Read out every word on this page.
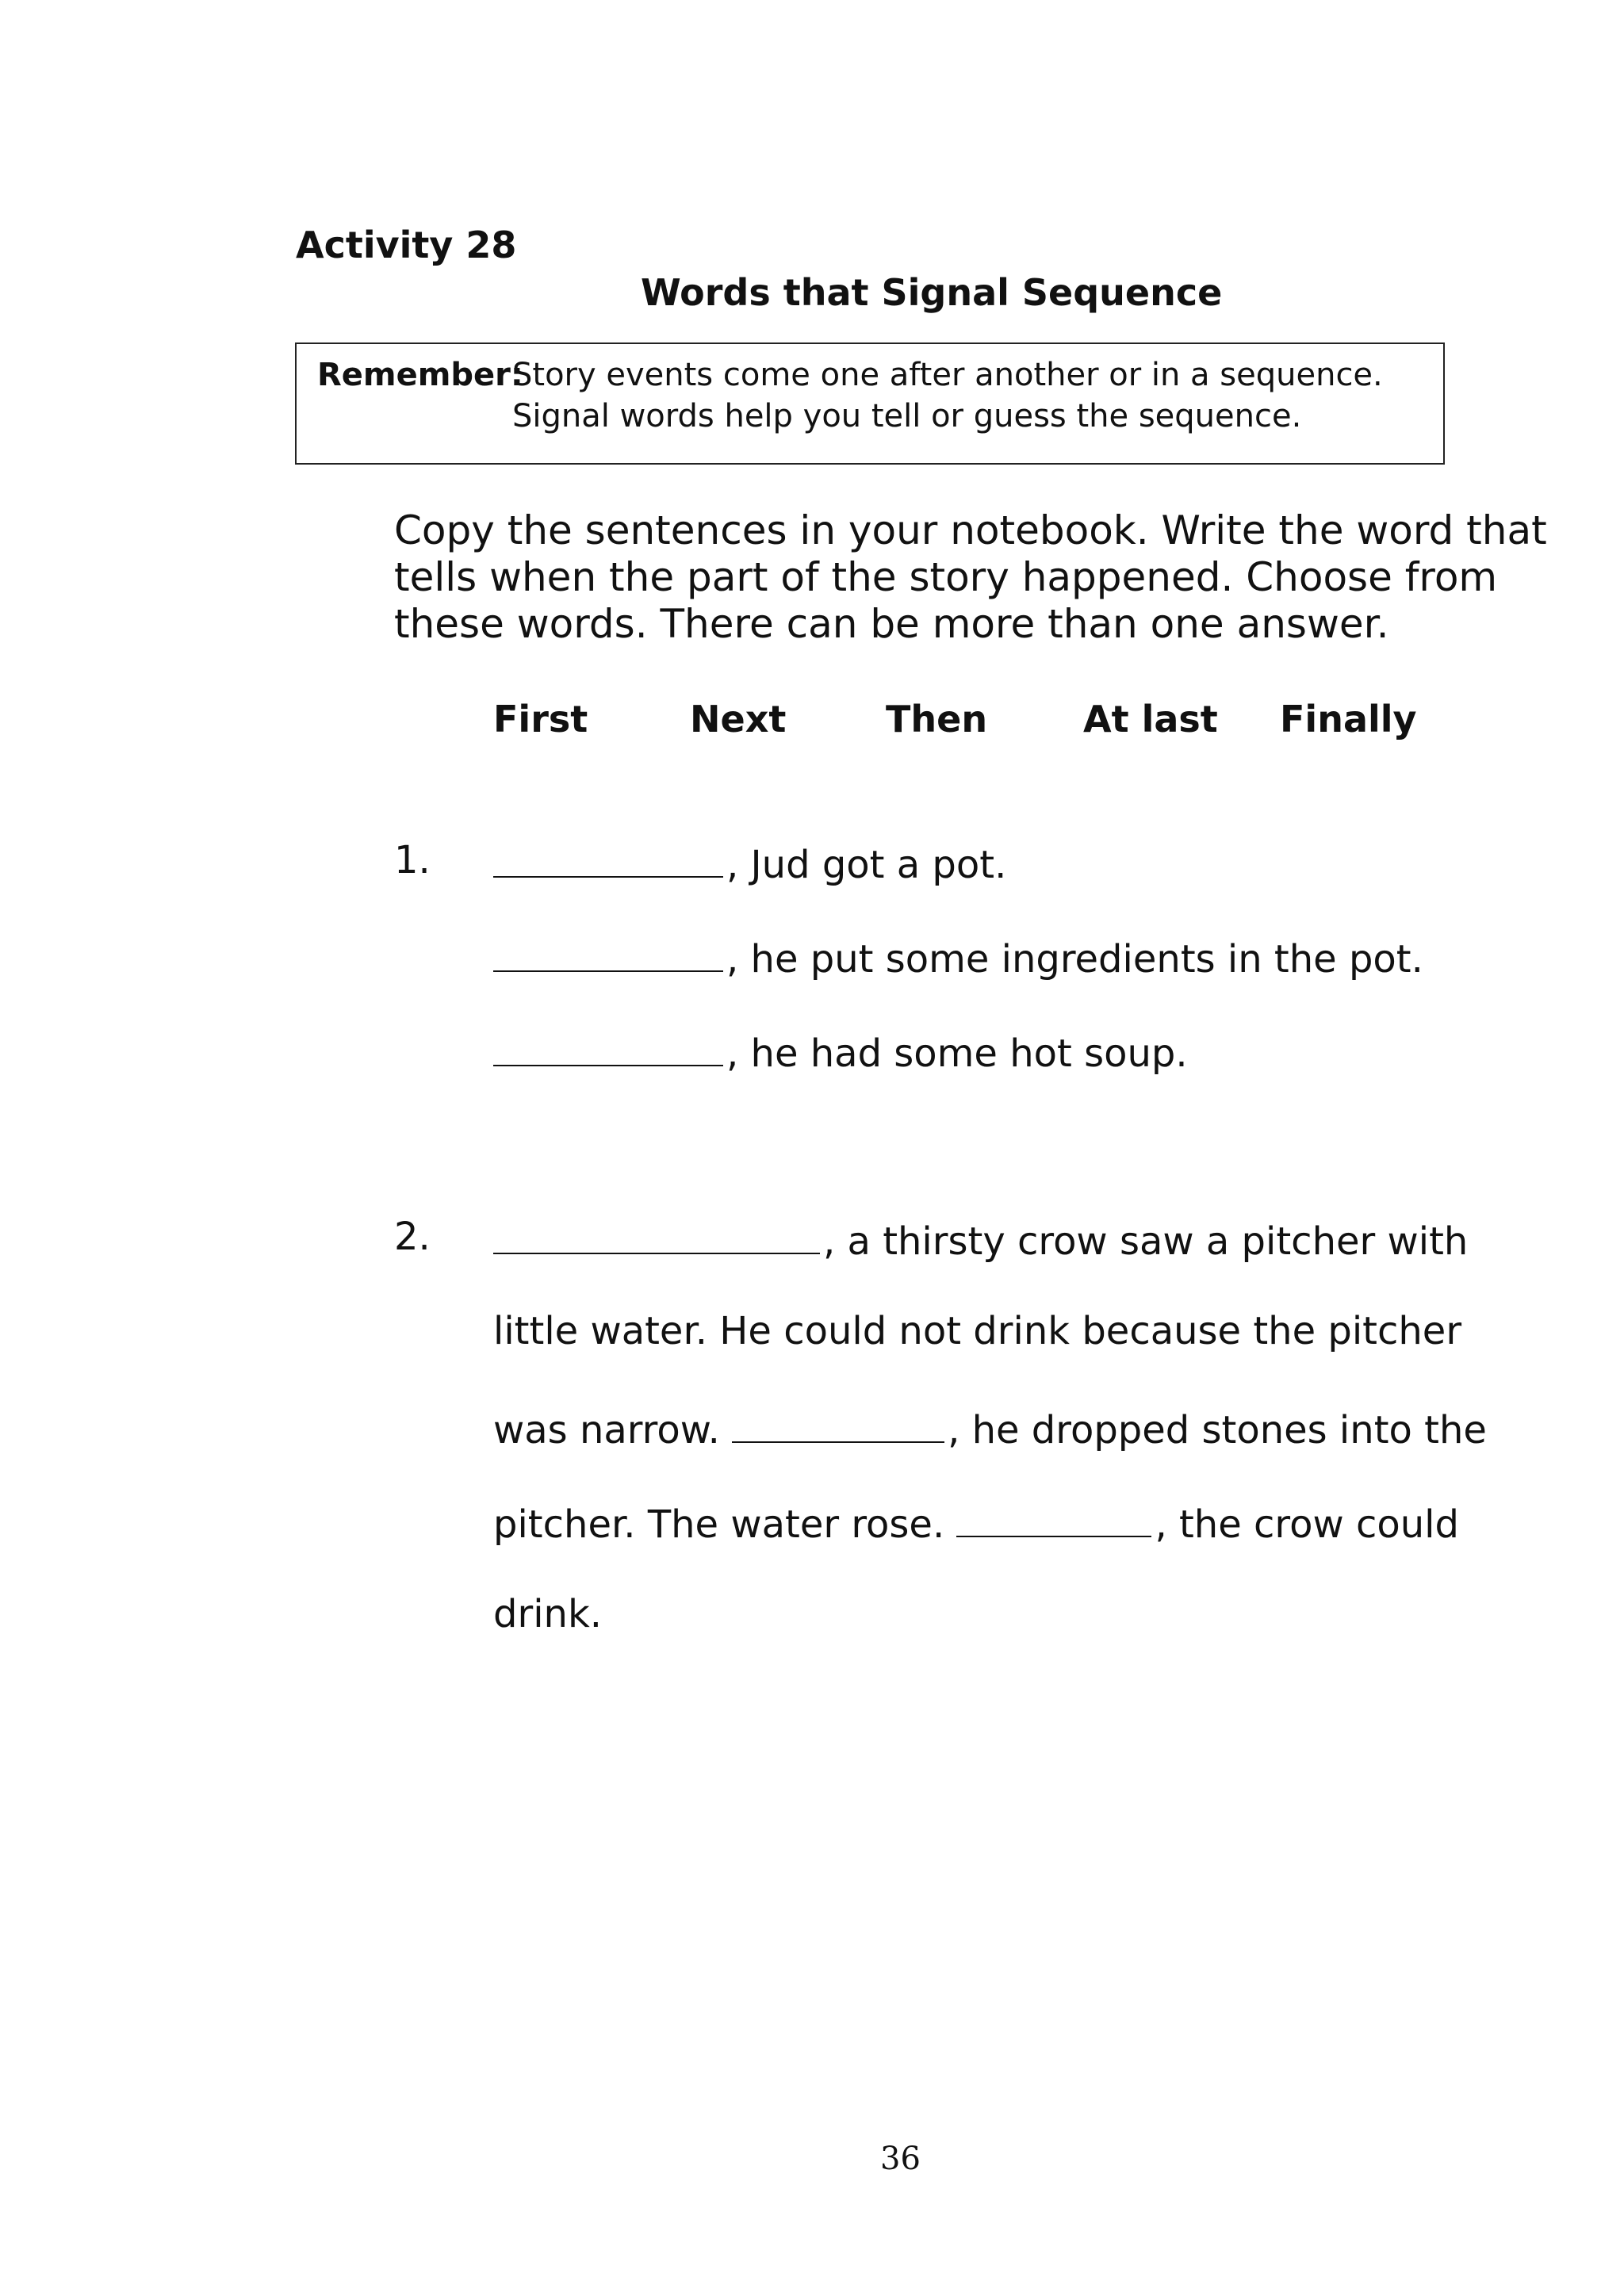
Activity 28
Words that Signal Sequence
Remember:
Story events come one after another or in a sequence.
Signal words help you tell or guess the sequence.
Copy the sentences in your notebook. Write the word that
tells when the part of the story happened. Choose from
these words. There can be more than one answer.
First	Next	Then	At last Finally
1.	, Jud got a pot.
, he put some ingredients in the pot.
, he had some hot soup.
2.	, a thirsty crow saw a pitcher with
little water. He could not drink because the pitcher
was narrow.	, he dropped stones into the
pitcher. The water rose.	, the crow could
drink.
36
